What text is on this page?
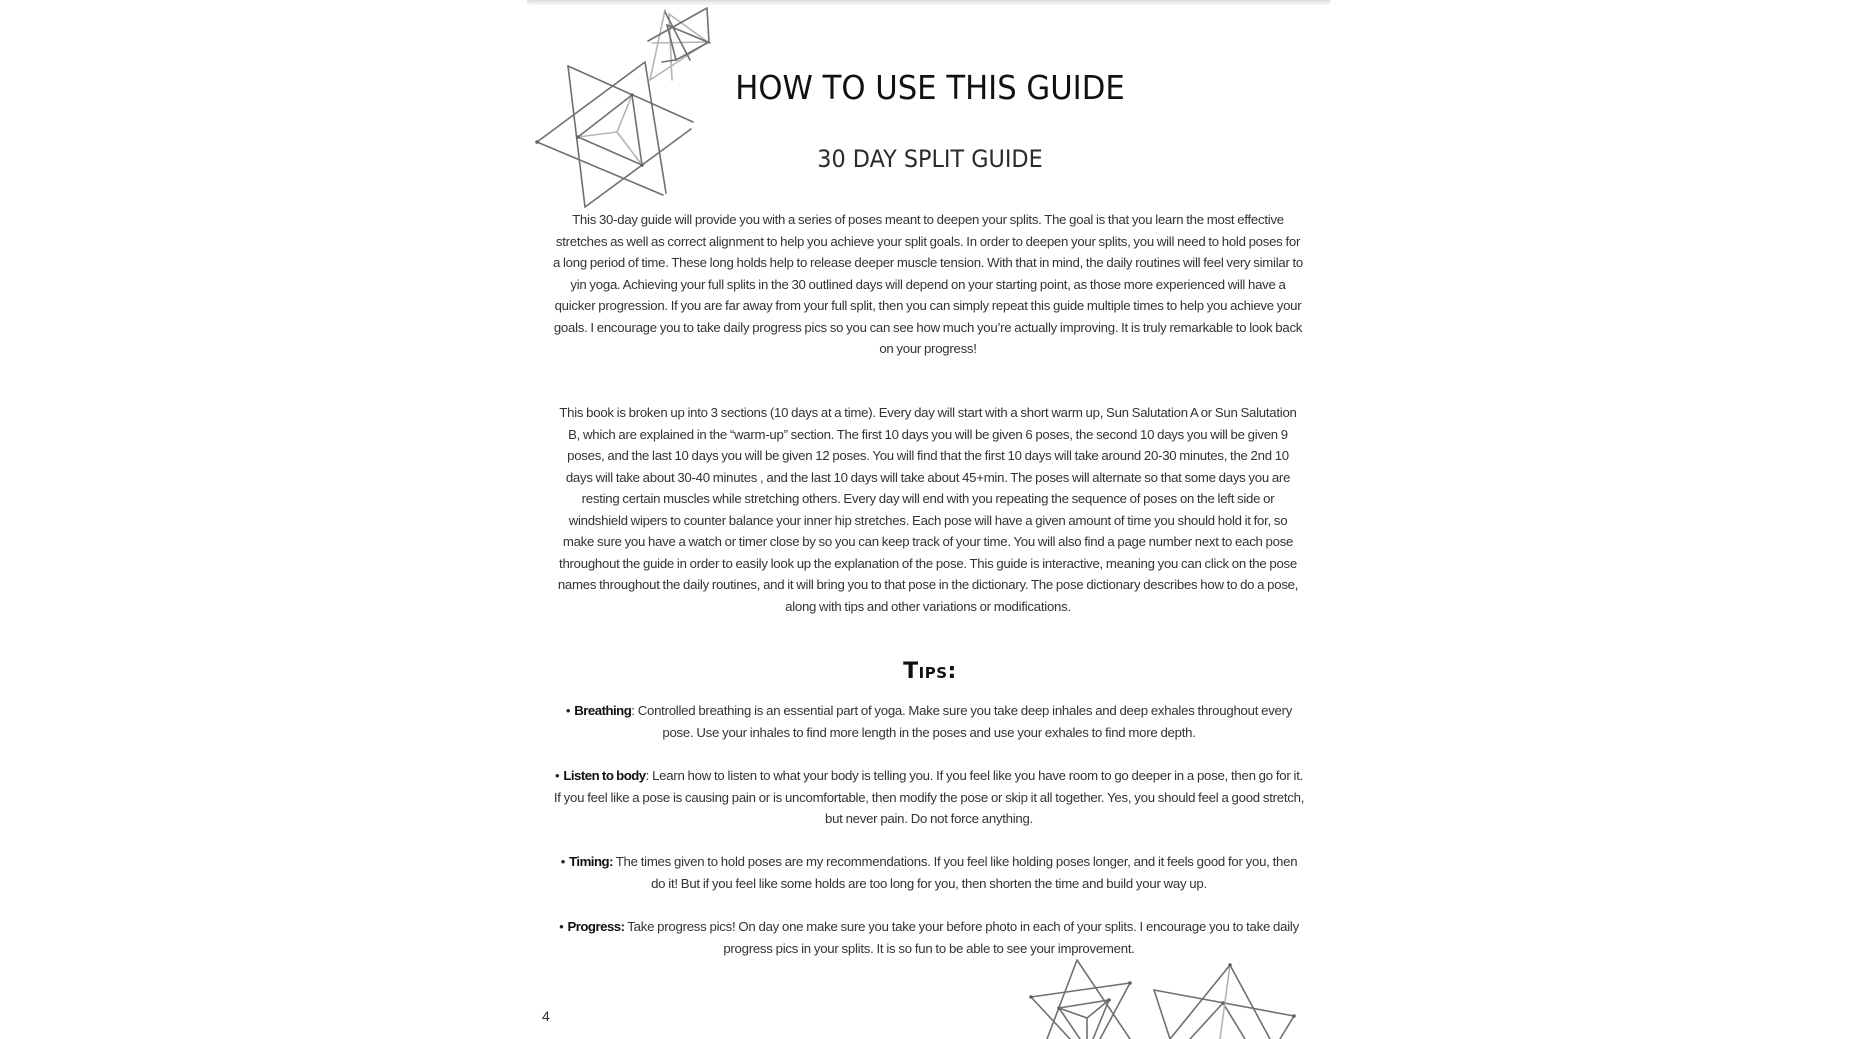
HOW TO USE THIS GUIDE
30 DAY SPLIT GUIDE
This 30-day guide will provide you with a series of poses meant to deepen your splits. The goal is that you learn the most effective stretches as well as correct alignment to help you achieve your split goals. In order to deepen your splits, you will need to hold poses for a long period of time. These long holds help to release deeper muscle tension. With that in mind, the daily routines will feel very similar to yin yoga. Achieving your full splits in the 30 outlined days will depend on your starting point, as those more experienced will have a quicker progression. If you are far away from your full split, then you can simply repeat this guide multiple times to help you achieve your goals. I encourage you to take daily progress pics so you can see how much you’re actually improving. It is truly remarkable to look back on your progress!
This book is broken up into 3 sections (10 days at a time). Every day will start with a short warm up, Sun Salutation A or Sun Salutation B, which are explained in the “warm-up” section. The first 10 days you will be given 6 poses, the second 10 days you will be given 9 poses, and the last 10 days you will be given 12 poses. You will find that the first 10 days will take around 20-30 minutes, the 2nd 10 days will take about 30-40 minutes , and the last 10 days will take about 45+min. The poses will alternate so that some days you are resting certain muscles while stretching others. Every day will end with you repeating the sequence of poses on the left side or windshield wipers to counter balance your inner hip stretches. Each pose will have a given amount of time you should hold it for, so make sure you have a watch or timer close by so you can keep track of your time. You will also find a page number next to each pose throughout the guide in order to easily look up the explanation of the pose. This guide is interactive, meaning you can click on the pose names throughout the daily routines, and it will bring you to that pose in the dictionary. The pose dictionary describes how to do a pose, along with tips and other variations or modifications.
Tips:
• Breathing: Controlled breathing is an essential part of yoga. Make sure you take deep inhales and deep exhales throughout every pose. Use your inhales to find more length in the poses and use your exhales to find more depth.
• Listen to body: Learn how to listen to what your body is telling you. If you feel like you have room to go deeper in a pose, then go for it. If you feel like a pose is causing pain or is uncomfortable, then modify the pose or skip it all together. Yes, you should feel a good stretch, but never pain. Do not force anything.
• Timing: The times given to hold poses are my recommendations. If you feel like holding poses longer, and it feels good for you, then do it! But if you feel like some holds are too long for you, then shorten the time and build your way up.
• Progress: Take progress pics! On day one make sure you take your before photo in each of your splits. I encourage you to take daily progress pics in your splits. It is so fun to be able to see your improvement.
4
